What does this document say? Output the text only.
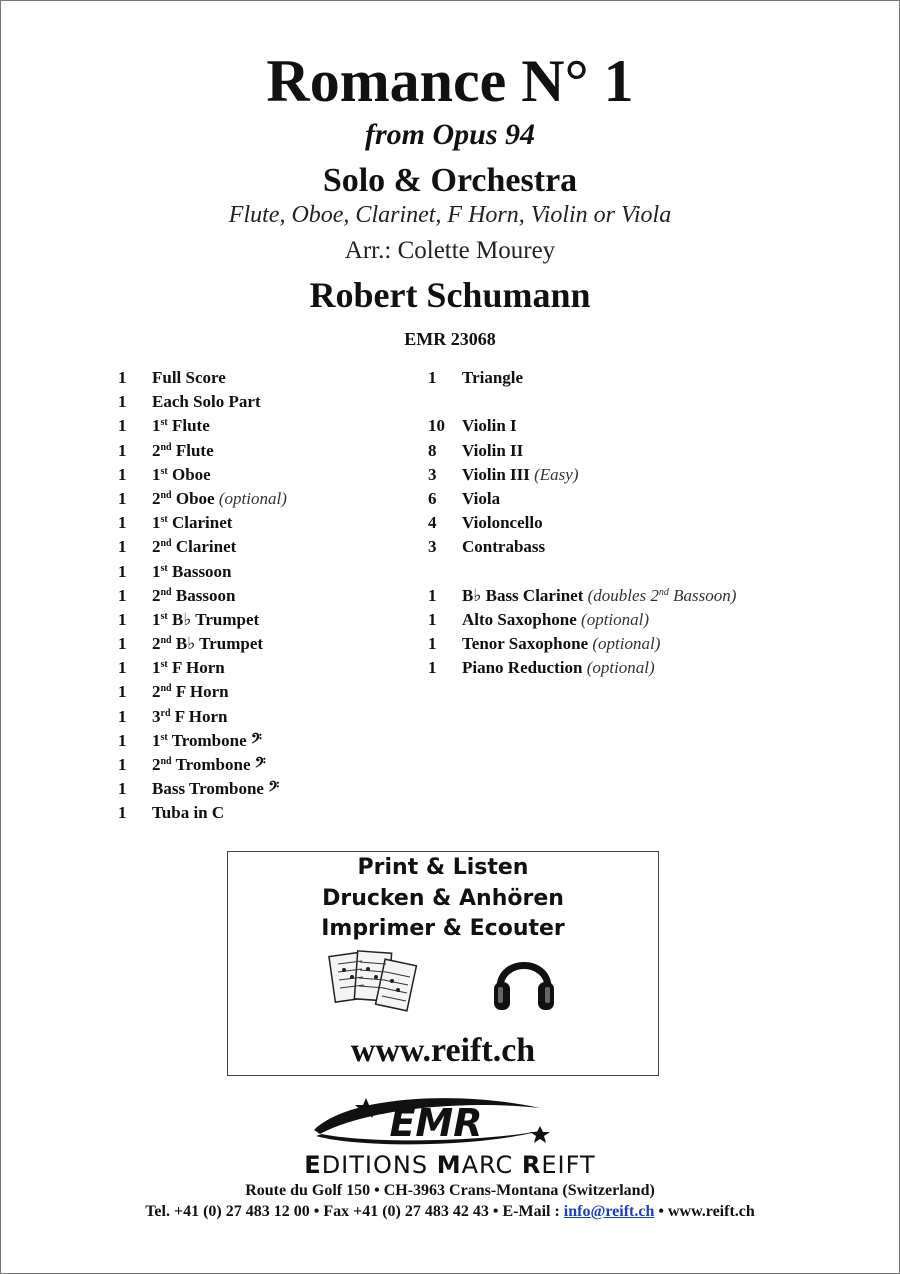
Romance N° 1
from Opus 94
Solo & Orchestra
Flute, Oboe, Clarinet, F Horn, Violin or Viola
Arr.: Colette Mourey
Robert Schumann
EMR 23068
1 Full Score
1 Each Solo Part
1 1st Flute
1 2nd Flute
1 1st Oboe
1 2nd Oboe (optional)
1 1st Clarinet
1 2nd Clarinet
1 1st Bassoon
1 2nd Bassoon
1 1st B♭ Trumpet
1 2nd B♭ Trumpet
1 1st F Horn
1 2nd F Horn
1 3rd F Horn
1 1st Trombone 𝄢
1 2nd Trombone 𝄢
1 Bass Trombone 𝄢
1 Tuba in C
1 Triangle
10 Violin I
8 Violin II
3 Violin III (Easy)
6 Viola
4 Violoncello
3 Contrabass
1 B♭ Bass Clarinet (doubles 2nd Bassoon)
1 Alto Saxophone (optional)
1 Tenor Saxophone (optional)
1 Piano Reduction (optional)
Print & Listen
Drucken & Anhören
Imprimer & Ecouter
www.reift.ch
EMR
EDITIONS MARC REIFT
Route du Golf 150 • CH-3963 Crans-Montana (Switzerland)
Tel. +41 (0) 27 483 12 00 • Fax +41 (0) 27 483 42 43 • E-Mail : info@reift.ch • www.reift.ch
